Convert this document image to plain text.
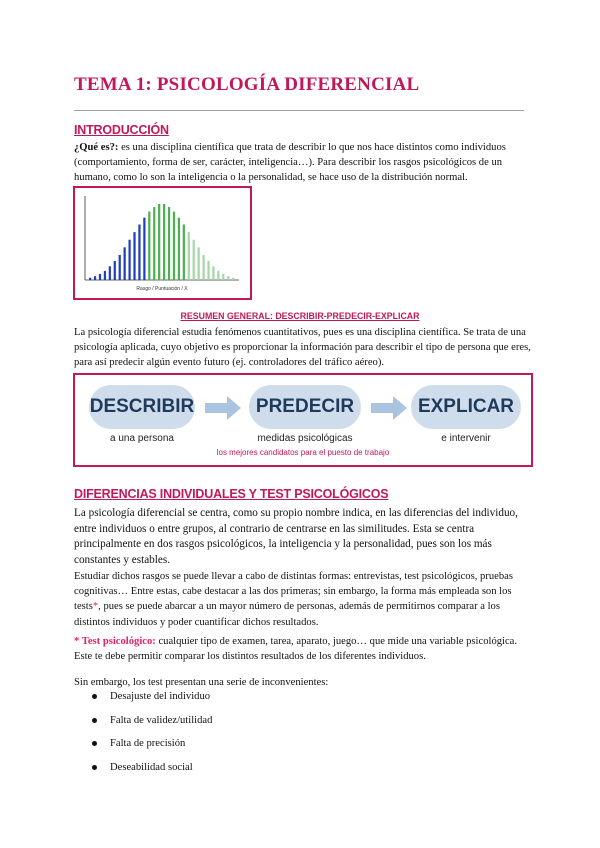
TEMA 1: PSICOLOGÍA DIFERENCIAL
INTRODUCCIÓN
¿Qué es?: es una disciplina científica que trata de describir lo que nos hace distintos como individuos (comportamiento, forma de ser, carácter, inteligencia…). Para describir los rasgos psicológicos de un humano, como lo son la inteligencia o la personalidad, se hace uso de la distribución normal.
Rasgo / Puntuación / X
RESUMEN GENERAL: DESCRIBIR-PREDECIR-EXPLICAR
La psicología diferencial estudia fenómenos cuantitativos, pues es una disciplina científica. Se trata de una psicología aplicada, cuyo objetivo es proporcionar la información para describir el tipo de persona que eres, para así predecir algún evento futuro (ej. controladores del tráfico aéreo).
DESCRIBIR	PREDECIR	EXPLICAR
a una persona	medidas psicológicas	e intervenir
los mejores candidatos para el puesto de trabajo
DIFERENCIAS INDIVIDUALES Y TEST PSICOLÓGICOS
La psicología diferencial se centra, como su propio nombre indica, en las diferencias del individuo, entre individuos o entre grupos, al contrario de centrarse en las similitudes. Esta se centra principalmente en dos rasgos psicológicos, la inteligencia y la personalidad, pues son los más constantes y estables.
Estudiar dichos rasgos se puede llevar a cabo de distintas formas: entrevistas, test psicológicos, pruebas cognitivas… Entre estas, cabe destacar a las dos primeras; sin embargo, la forma más empleada son los tests*, pues se puede abarcar a un mayor número de personas, además de permitirnos comparar a los distintos individuos y poder cuantificar dichos resultados.
* Test psicológico: cualquier tipo de examen, tarea, aparato, juego… que mide una variable psicológica. Este te debe permitir comparar los distintos resultados de los diferentes individuos.
Sin embargo, los test presentan una serie de inconvenientes:
Desajuste del individuo
Falta de validez/utilidad
Falta de precisión
Deseabilidad social
